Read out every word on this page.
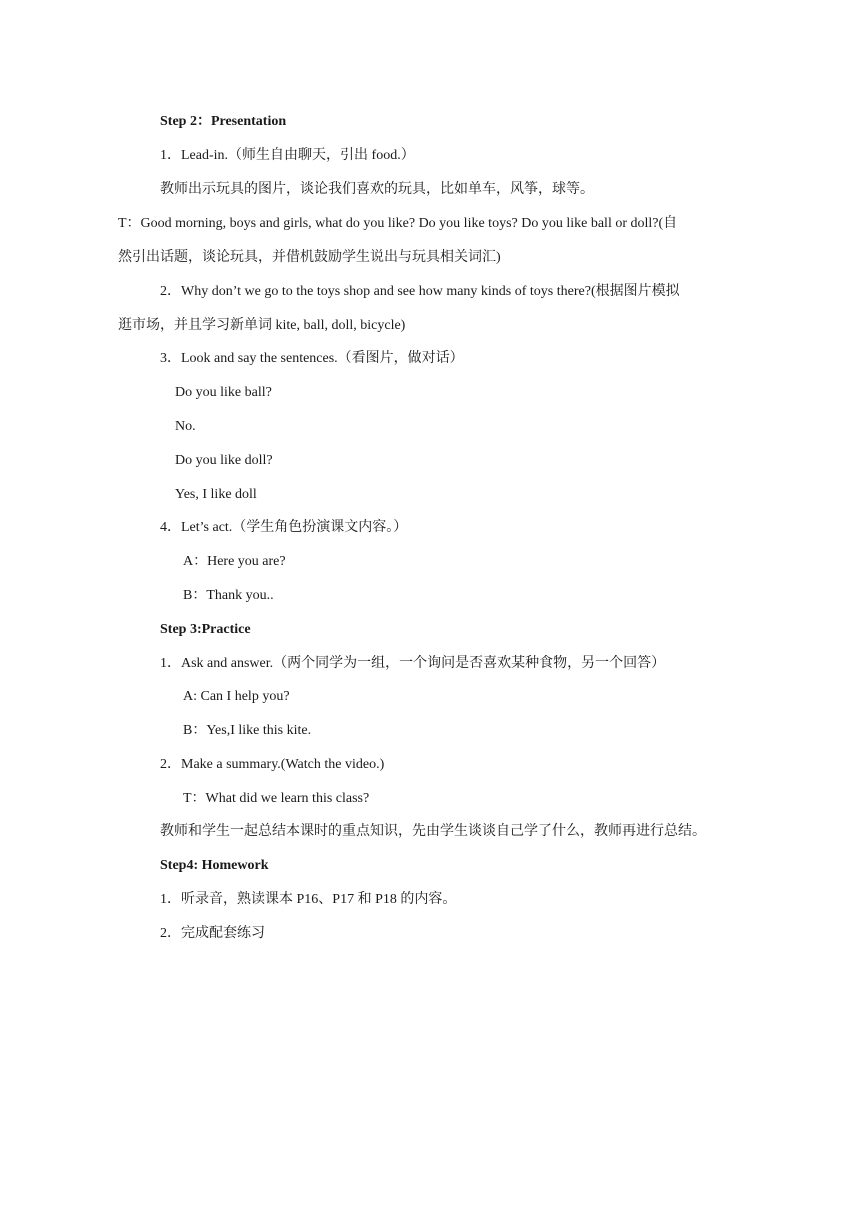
Step 2：Presentation
1．Lead-in.（师生自由聊天，引出 food.）
教师出示玩具的图片，谈论我们喜欢的玩具，比如单车，风筝，球等。
T：Good morning, boys and girls, what do you like? Do you like toys? Do you like ball or doll?(自
然引出话题，谈论玩具，并借机鼓励学生说出与玩具相关词汇)
2．Why don’t we go to the toys shop and see how many kinds of toys there?(根据图片模拟
逛市场，并且学习新单词 kite, ball, doll, bicycle)
3．Look and say the sentences.（看图片，做对话）
Do you like ball?
No.
Do you like doll?
Yes, I like doll
4．Let’s act.（学生角色扮演课文内容。）
A：Here you are?
B：Thank you..
Step 3:Practice
1．Ask and answer.（两个同学为一组，一个询问是否喜欢某种食物，另一个回答）
A: Can I help you?
B：Yes,I like this kite.
2．Make a summary.(Watch the video.)
T：What did we learn this class?
教师和学生一起总结本课时的重点知识，先由学生谈谈自己学了什么，教师再进行总结。
Step4: Homework
1．听录音，熟读课本 P16、P17 和 P18 的内容。
2．完成配套练习
